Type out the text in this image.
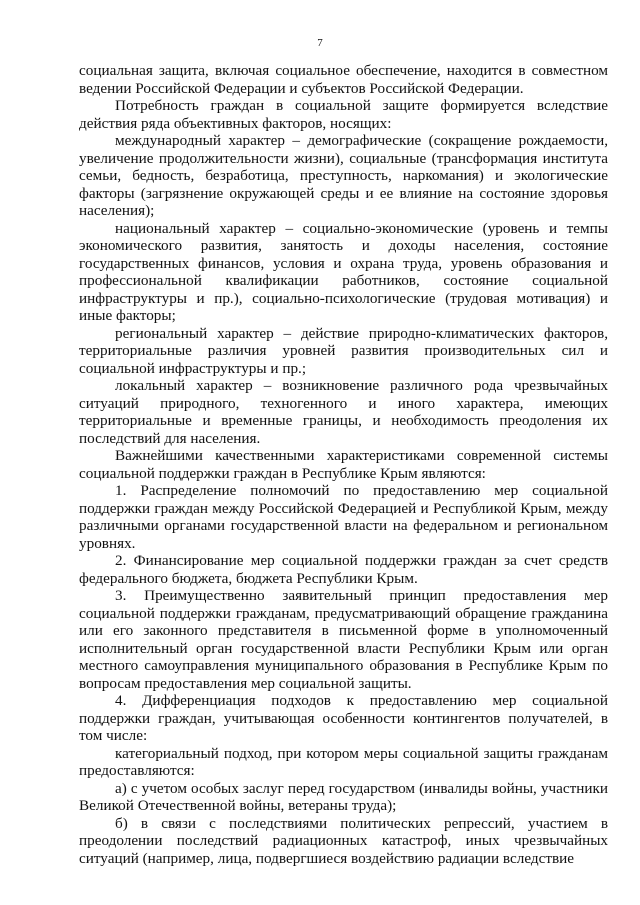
7

социальная защита, включая социальное обеспечение, находится в совместном ведении Российской Федерации и субъектов Российской Федерации.

Потребность граждан в социальной защите формируется вследствие действия ряда объективных факторов, носящих:

международный характер – демографические (сокращение рождаемости, увеличение продолжительности жизни), социальные (трансформация института семьи, бедность, безработица, преступность, наркомания) и экологические факторы (загрязнение окружающей среды и ее влияние на состояние здоровья населения);

национальный характер – социально-экономические (уровень и темпы экономического развития, занятость и доходы населения, состояние государственных финансов, условия и охрана труда, уровень образования и профессиональной квалификации работников, состояние социальной инфраструктуры и пр.), социально-психологические (трудовая мотивация) и иные факторы;

региональный характер – действие природно-климатических факторов, территориальные различия уровней развития производительных сил и социальной инфраструктуры и пр.;

локальный характер – возникновение различного рода чрезвычайных ситуаций природного, техногенного и иного характера, имеющих территориальные и временные границы, и необходимость преодоления их последствий для населения.

Важнейшими качественными характеристиками современной системы социальной поддержки граждан в Республике Крым являются:

1. Распределение полномочий по предоставлению мер социальной поддержки граждан между Российской Федерацией и Республикой Крым, между различными органами государственной власти на федеральном и региональном уровнях.

2. Финансирование мер социальной поддержки граждан за счет средств федерального бюджета, бюджета Республики Крым.

3. Преимущественно заявительный принцип предоставления мер социальной поддержки гражданам, предусматривающий обращение гражданина или его законного представителя в письменной форме в уполномоченный исполнительный орган государственной власти Республики Крым или орган местного самоуправления муниципального образования в Республике Крым по вопросам предоставления мер социальной защиты.

4. Дифференциация подходов к предоставлению мер социальной поддержки граждан, учитывающая особенности контингентов получателей, в том числе:

категориальный подход, при котором меры социальной защиты гражданам предоставляются:

а) с учетом особых заслуг перед государством (инвалиды войны, участники Великой Отечественной войны, ветераны труда);

б) в связи с последствиями политических репрессий, участием в преодолении последствий радиационных катастроф, иных чрезвычайных ситуаций (например, лица, подвергшиеся воздействию радиации вследствие
